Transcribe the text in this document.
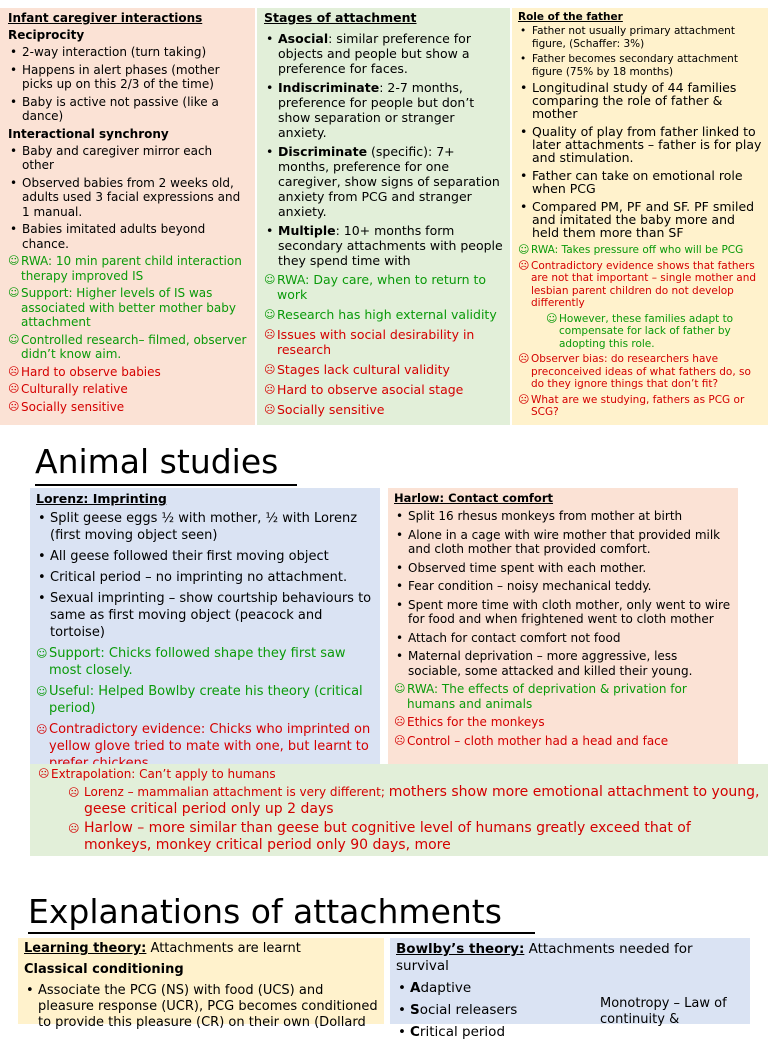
Infant caregiver interactions
Reciprocity
• 2-way interaction (turn taking)
• Happens in alert phases (mother picks up on this 2/3 of the time)
• Baby is active not passive (like a dance)
Interactional synchrony
• Baby and caregiver mirror each other
• Observed babies from 2 weeks old, adults used 3 facial expressions and 1 manual.
• Babies imitated adults beyond chance.
☺ RWA: 10 min parent child interaction therapy improved IS
☺ Support: Higher levels of IS was associated with better mother baby attachment
☺ Controlled research– filmed, observer didn’t know aim.
☹ Hard to observe babies
☹ Culturally relative
☹ Socially sensitive
Stages of attachment
• Asocial: similar preference for objects and people but show a preference for faces.
• Indiscriminate: 2-7 months, preference for people but don’t show separation or stranger anxiety.
• Discriminate (specific): 7+ months, preference for one caregiver, show signs of separation anxiety from PCG and stranger anxiety.
• Multiple: 10+ months form secondary attachments with people they spend time with
☺ RWA: Day care, when to return to work
☺ Research has high external validity
☹ Issues with social desirability in research
☹ Stages lack cultural validity
☹ Hard to observe asocial stage
☹ Socially sensitive
Role of the father
• Father not usually primary attachment figure, (Schaffer: 3%)
• Father becomes secondary attachment figure (75% by 18 months)
• Longitudinal study of 44 families comparing the role of father & mother
• Quality of play from father linked to later attachments – father is for play and stimulation.
• Father can take on emotional role when PCG
• Compared PM, PF and SF. PF smiled and imitated the baby more and held them more than SF
☺ RWA: Takes pressure off who will be PCG
☹ Contradictory evidence shows that fathers are not that important – single mother and lesbian parent children do not develop differently
☺ However, these families adapt to compensate for lack of father by adopting this role.
☹ Observer bias: do researchers have preconceived ideas of what fathers do, so do they ignore things that don’t fit?
☹ What are we studying, fathers as PCG or SCG?
Animal studies
Lorenz: Imprinting
• Split geese eggs ½ with mother, ½ with Lorenz (first moving object seen)
• All geese followed their first moving object
• Critical period – no imprinting no attachment.
• Sexual imprinting – show courtship behaviours to same as first moving object (peacock and tortoise)
☺ Support: Chicks followed shape they first saw most closely.
☺ Useful: Helped Bowlby create his theory (critical period)
☹ Contradictory evidence: Chicks who imprinted on yellow glove tried to mate with one, but learnt to
Harlow: Contact comfort
• Split 16 rhesus monkeys from mother at birth
• Alone in a cage with wire mother that provided milk and cloth mother that provided comfort.
• Observed time spent with each mother.
• Fear condition – noisy mechanical teddy.
• Spent more time with cloth mother, only went to wire for food and when frightened went to cloth mother
• Attach for contact comfort not food
• Maternal deprivation – more aggressive, less sociable, some attacked and killed their young.
☺ RWA: The effects of deprivation & privation for humans and animals
☹ Ethics for the monkeys
☹ Control – cloth mother had a head and face
☹ Extrapolation: Can’t apply to humans
☹ Lorenz – mammalian attachment is very different; mothers show more emotional attachment to young, geese critical period only up 2 days
☹ Harlow – more similar than geese but cognitive level of humans greatly exceed that of monkeys, monkey critical period only 90 days, more
Explanations of attachments
Learning theory: Attachments are learnt
Classical conditioning
• Associate the PCG (NS) with food (UCS) and pleasure response (UCR), PCG becomes conditioned to provide this pleasure (CR) on their own (Dollard
Bowlby’s theory: Attachments needed for survival
• Adaptive
• Social releasers
• Critical period
Monotropy – Law of continuity &
